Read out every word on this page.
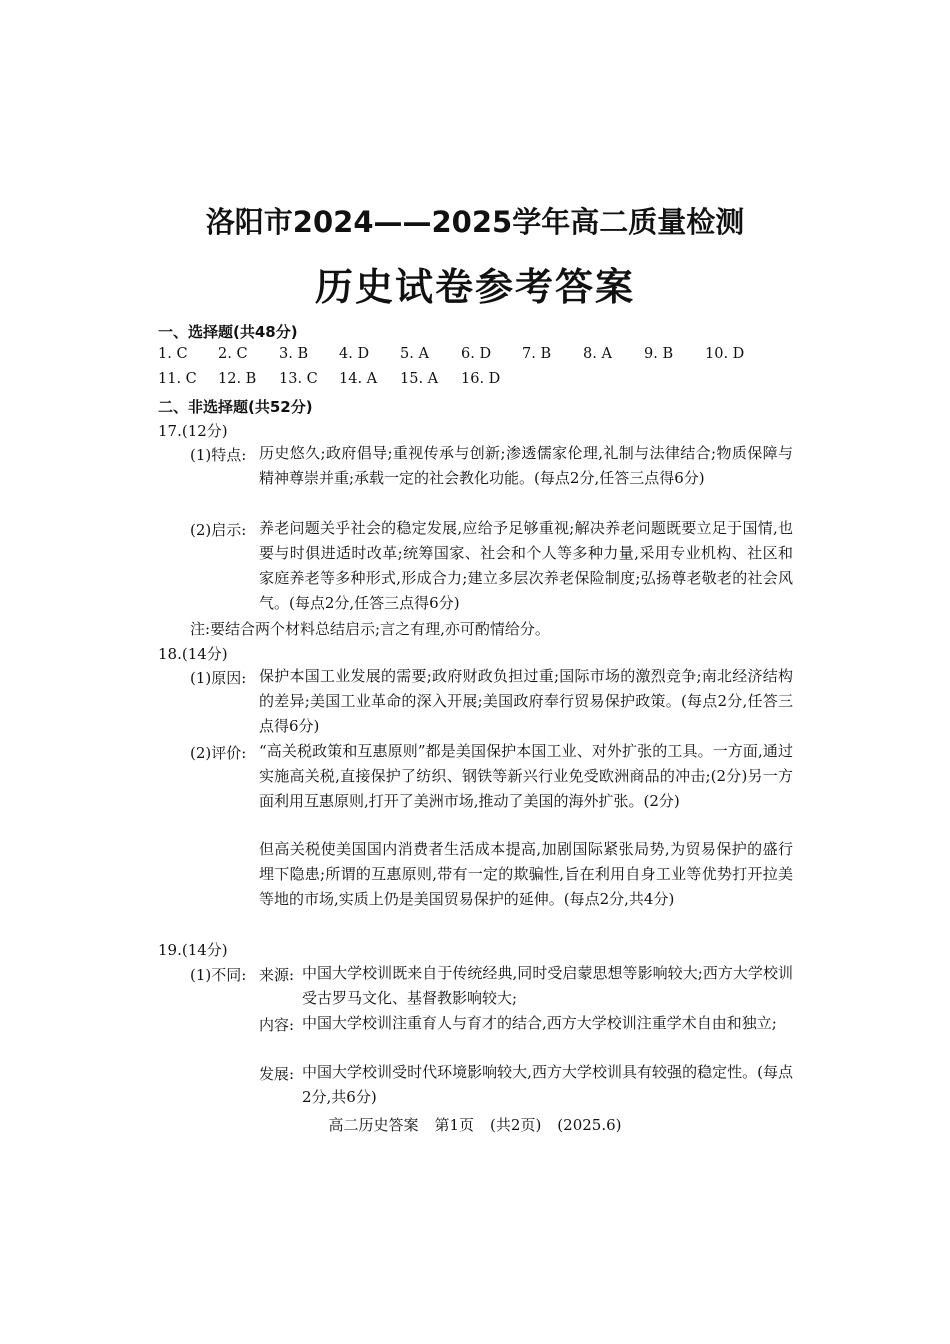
洛阳市2024——2025学年高二质量检测
历史试卷参考答案
一、选择题(共48分)
1. C 2. C 3. B 4. D 5. A 6. D 7. B 8. A 9. B 10. D
11. C 12. B 13. C 14. A 15. A 16. D
二、非选择题(共52分)
17.(12分)
(1)特点: 历史悠久;政府倡导;重视传承与创新;渗透儒家伦理,礼制与法律结合;物质保障与精神尊崇并重;承载一定的社会教化功能。(每点2分,任答三点得6分)
(2)启示: 养老问题关乎社会的稳定发展,应给予足够重视;解决养老问题既要立足于国情,也要与时俱进适时改革;统筹国家、社会和个人等多种力量,采用专业机构、社区和家庭养老等多种形式,形成合力;建立多层次养老保险制度;弘扬尊老敬老的社会风气。(每点2分,任答三点得6分)
注:要结合两个材料总结启示;言之有理,亦可酌情给分。
18.(14分)
(1)原因: 保护本国工业发展的需要;政府财政负担过重;国际市场的激烈竞争;南北经济结构的差异;美国工业革命的深入开展;美国政府奉行贸易保护政策。(每点2分,任答三点得6分)
(2)评价: “高关税政策和互惠原则”都是美国保护本国工业、对外扩张的工具。一方面,通过实施高关税,直接保护了纺织、钢铁等新兴行业免受欧洲商品的冲击;(2分)另一方面利用互惠原则,打开了美洲市场,推动了美国的海外扩张。(2分)
但高关税使美国国内消费者生活成本提高,加剧国际紧张局势,为贸易保护的盛行埋下隐患;所谓的互惠原则,带有一定的欺骗性,旨在利用自身工业等优势打开拉美等地的市场,实质上仍是美国贸易保护的延伸。(每点2分,共4分)
19.(14分)
(1)不同: 来源: 中国大学校训既来自于传统经典,同时受启蒙思想等影响较大;西方大学校训受古罗马文化、基督教影响较大;
内容: 中国大学校训注重育人与育才的结合,西方大学校训注重学术自由和独立;
发展: 中国大学校训受时代环境影响较大,西方大学校训具有较强的稳定性。(每点2分,共6分)
高二历史答案 第1页 (共2页) (2025.6)
